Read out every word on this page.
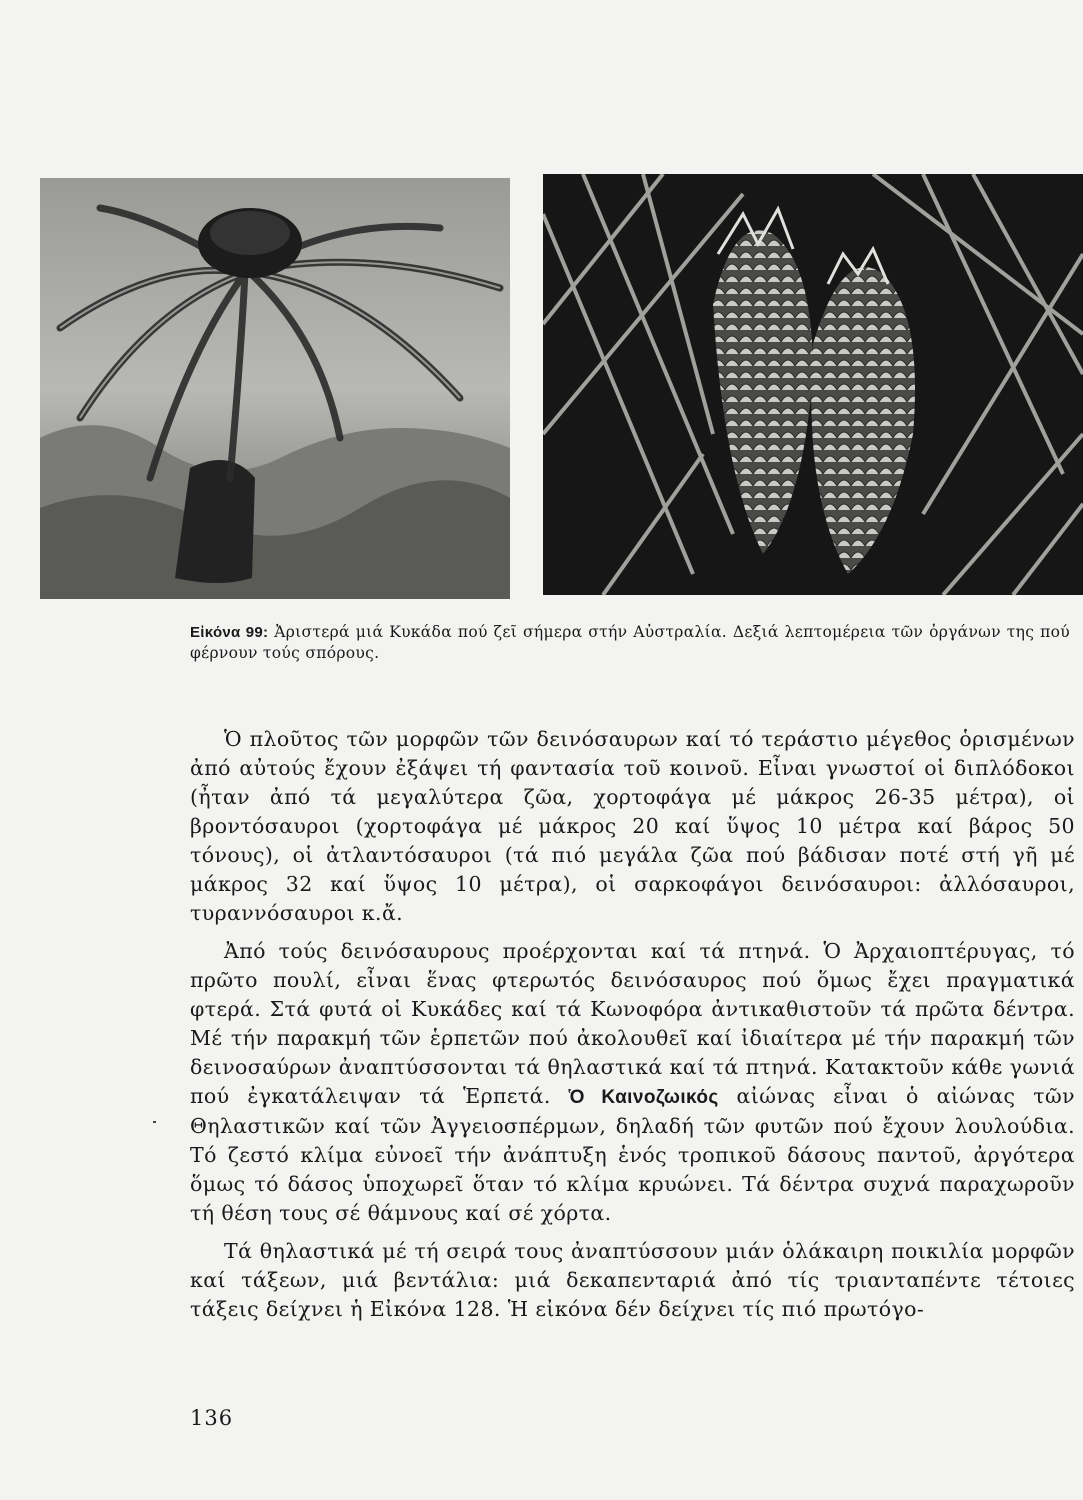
Εἰκόνα 99: Ἀριστερά μιά Κυκάδα πού ζεῖ σήμερα στήν Αὐστραλία. Δεξιά λεπτομέρεια τῶν ὀργάνων της πού φέρνουν τούς σπόρους.

Ὁ πλοῦτος τῶν μορφῶν τῶν δεινόσαυρων καί τό τεράστιο μέγεθος ὁρισμένων ἀπό αὐτούς ἔχουν ἐξάψει τή φαντασία τοῦ κοινοῦ. Εἶναι γνωστοί οἱ διπλόδοκοι (ἦταν ἀπό τά μεγαλύτερα ζῶα, χορτοφάγα μέ μάκρος 26-35 μέτρα), οἱ βροντόσαυροι (χορτοφάγα μέ μάκρος 20 καί ὕψος 10 μέτρα καί βάρος 50 τόνους), οἱ ἀτλαντόσαυροι (τά πιό μεγάλα ζῶα πού βάδισαν ποτέ στή γῆ μέ μάκρος 32 καί ὕψος 10 μέτρα), οἱ σαρκοφάγοι δεινόσαυροι: ἀλλόσαυροι, τυραννόσαυροι κ.ἄ.

Ἀπό τούς δεινόσαυρους προέρχονται καί τά πτηνά. Ὁ Ἀρχαιοπτέρυγας, τό πρῶτο πουλί, εἶναι ἕνας φτερωτός δεινόσαυρος πού ὅμως ἔχει πραγματικά φτερά. Στά φυτά οἱ Κυκάδες καί τά Κωνοφόρα ἀντικαθιστοῦν τά πρῶτα δέντρα. Μέ τήν παρακμή τῶν ἑρπετῶν πού ἀκολουθεῖ καί ἰδιαίτερα μέ τήν παρακμή τῶν δεινοσαύρων ἀναπτύσσονται τά θηλαστικά καί τά πτηνά. Κατακτοῦν κάθε γωνιά πού ἐγκατάλειψαν τά Ἑρπετά. Ὁ Καινοζωικός αἰώνας εἶναι ὁ αἰώνας τῶν Θηλαστικῶν καί τῶν Ἀγγειοσπέρμων, δηλαδή τῶν φυτῶν πού ἔχουν λουλούδια. Τό ζεστό κλίμα εὐνοεῖ τήν ἀνάπτυξη ἑνός τροπικοῦ δάσους παντοῦ, ἀργότερα ὅμως τό δάσος ὑποχωρεῖ ὅταν τό κλίμα κρυώνει. Τά δέντρα συχνά παραχωροῦν τή θέση τους σέ θάμνους καί σέ χόρτα.

Τά θηλαστικά μέ τή σειρά τους ἀναπτύσσουν μιάν ὁλάκαιρη ποικιλία μορφῶν καί τάξεων, μιά βεντάλια: μιά δεκαπενταριά ἀπό τίς τριανταπέντε τέτοιες τάξεις δείχνει ἡ Εἰκόνα 128. Ἡ εἰκόνα δέν δείχνει τίς πιό πρωτόγο-

136
